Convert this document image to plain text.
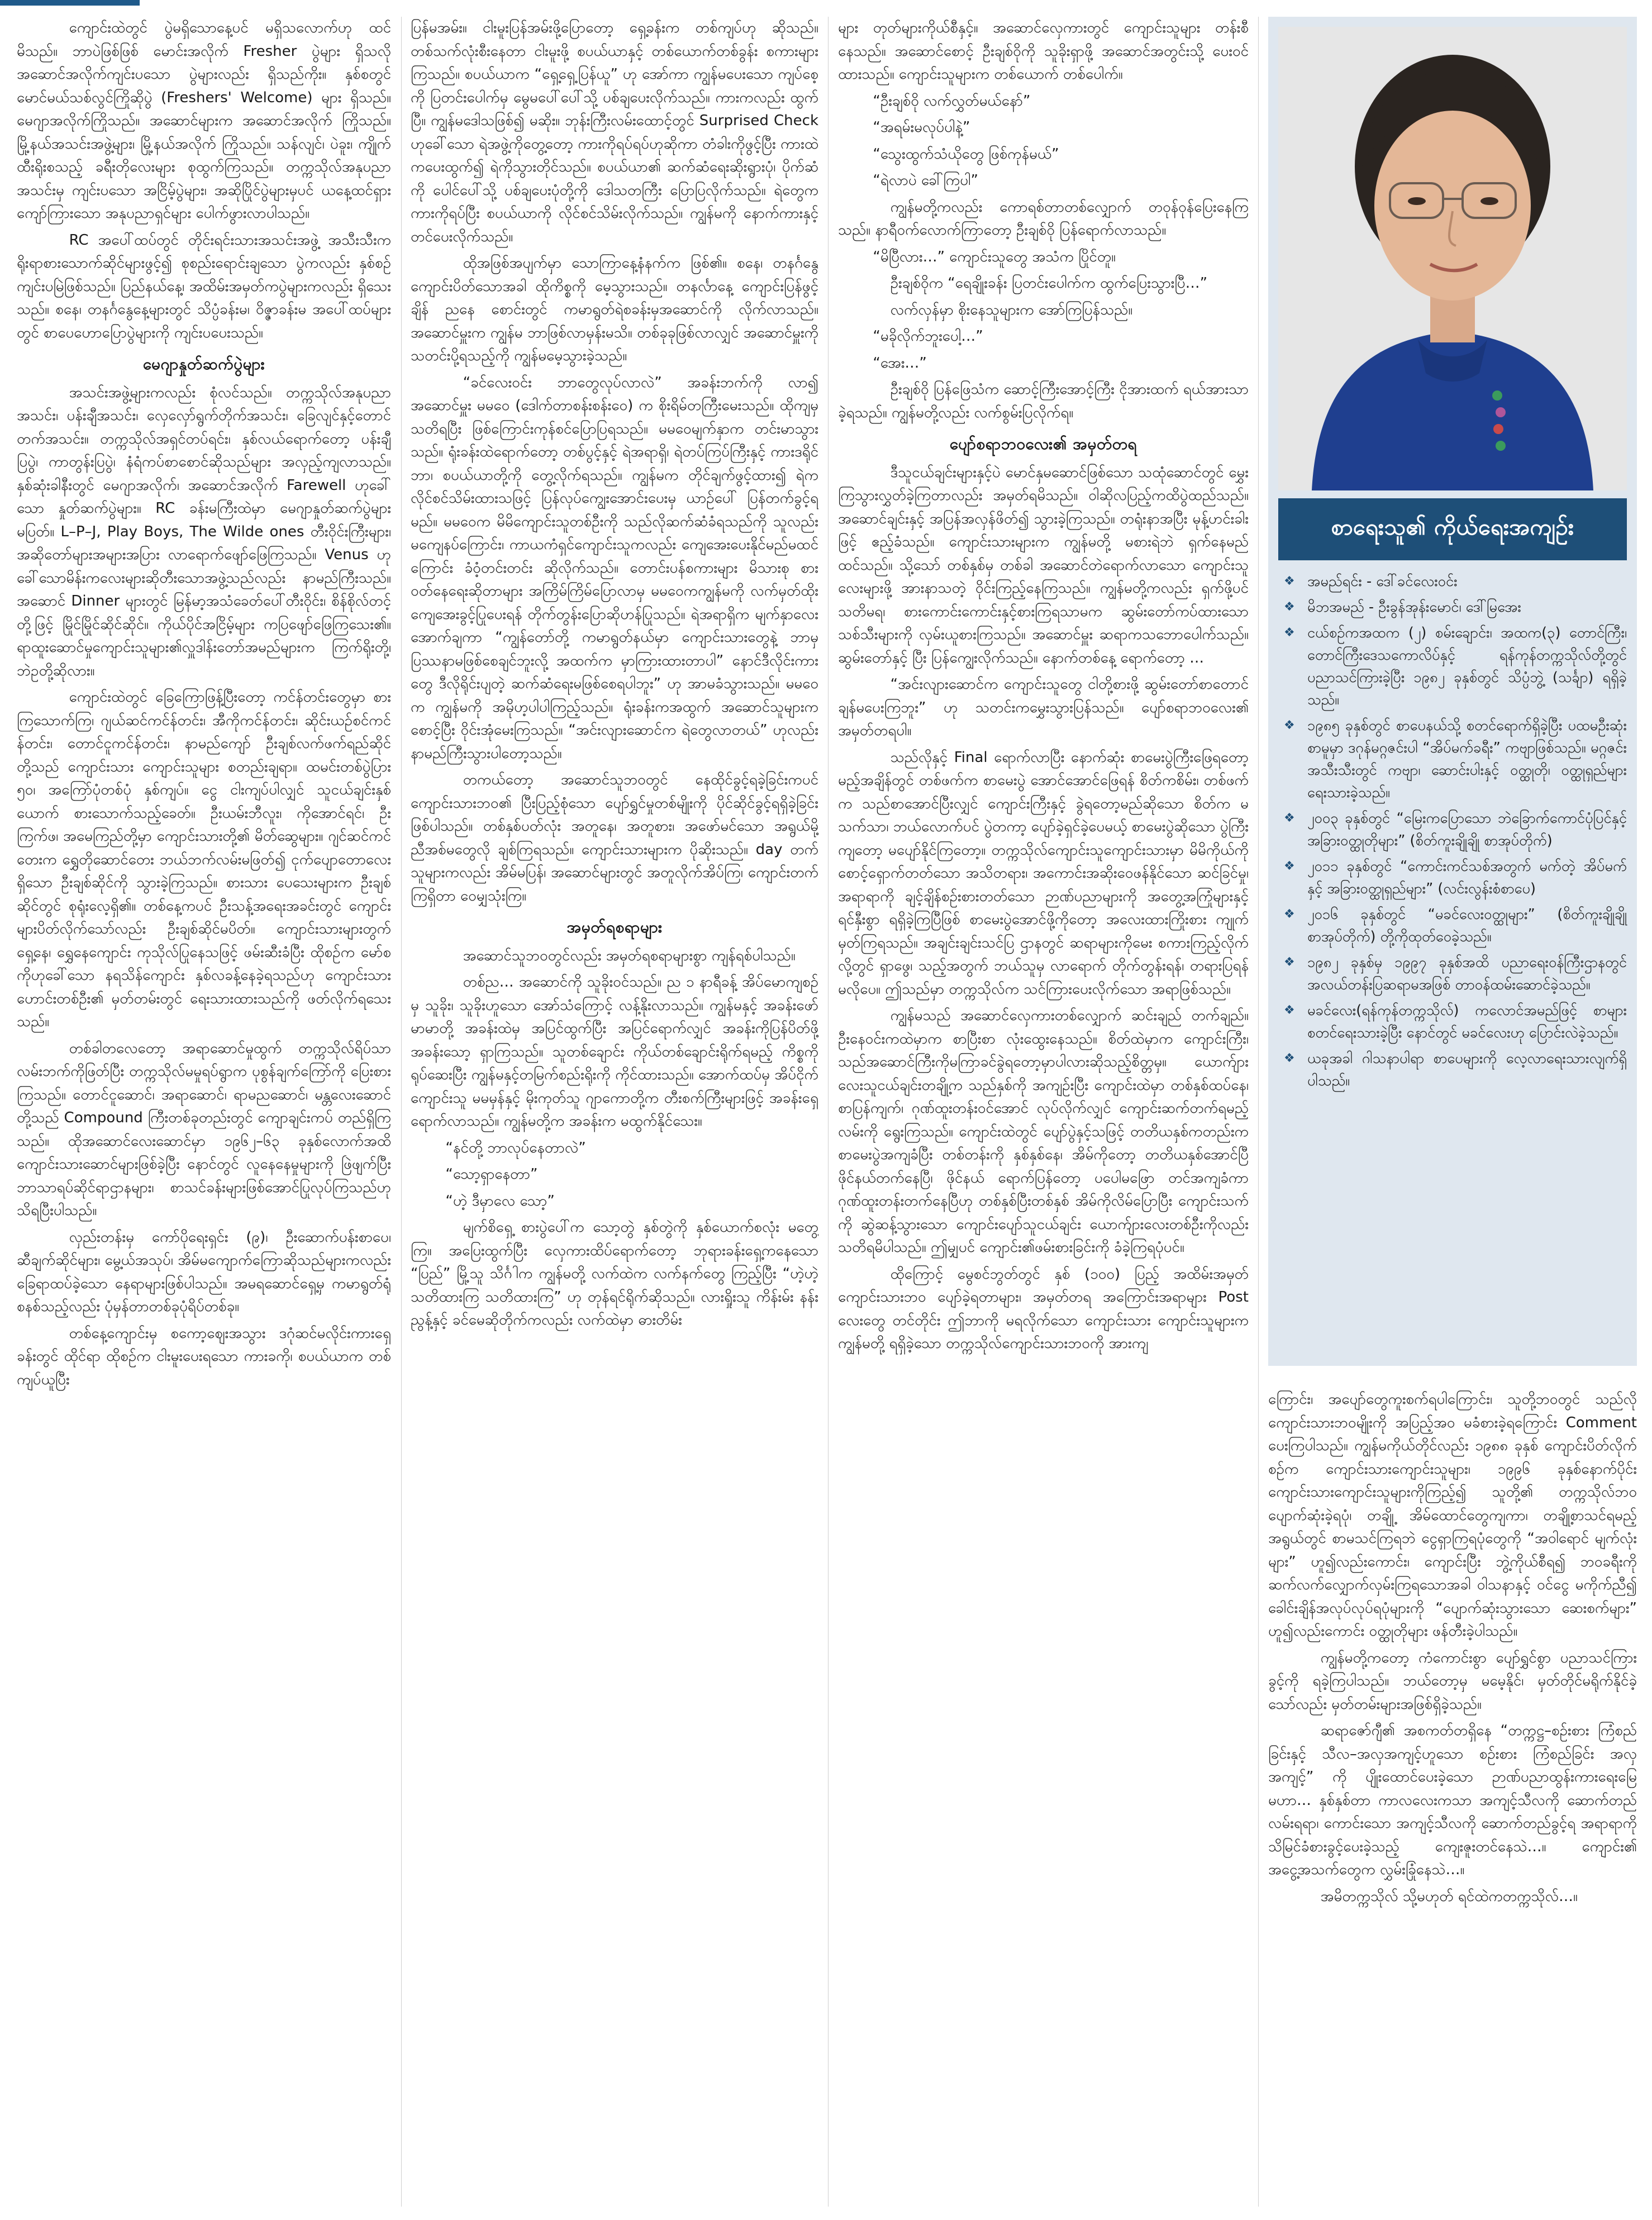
ကျောင်းထဲတွင် ပွဲမရှိသောနေ့ပင် မရှိသလောက်ဟု ထင်မိသည်။ ဘာပဲဖြစ်ဖြစ် မောင်းအလိုက် Fresher ပွဲများ ရှိသလို အဆောင်အလိုက်ကျင်းပသော ပွဲများလည်း ရှိသည်ကိုး။ နှစ်စတွင် မောင်မယ်သစ်လွင်ကြိုဆိုပွဲ (Freshers' Welcome) များ ရှိသည်။ မေဂျာအလိုက်ကြိုသည်။ အဆောင်များက အဆောင်အလိုက် ကြိုသည်။ မြို့နယ်အသင်းအဖွဲ့များ၊ မြို့နယ်အလိုက် ကြိုသည်။ သန်လျင်၊ ပဲခူး၊ ကျိုက်ထီးရိုးစသည့် ခရီးတိုလေးများ စုထွက်ကြသည်။ တက္ကသိုလ်အနုပညာအသင်းမှ ကျင်းပသော အငြိမ့်ပွဲများ၊ အဆိုပြိုင်ပွဲများမှပင် ယနေ့ထင်ရှားကျော်ကြားသော အနုပညာရှင်များ ပေါက်ဖွားလာပါသည်။

RC အပေါ်ထပ်တွင် တိုင်းရင်းသားအသင်းအဖွဲ့ အသီးသီးက ရိုးရာစားသောက်ဆိုင်များဖွင့်၍ စုစည်းရောင်းချသော ပွဲကလည်း နှစ်စဉ်ကျင်းပမြဲဖြစ်သည်။ ပြည်နယ်နေ့၊ အထိမ်းအမှတ်ကပွဲများကလည်း ရှိသေးသည်။ စနေ၊ တနင်္ဂနွေနေ့များတွင် သိပ္ပံခန်းမ၊ ဝိဇ္ဇာခန်းမ အပေါ်ထပ်များတွင် စာပေဟောပြောပွဲများကို ကျင်းပပေးသည်။

မေဂျာနှုတ်ဆက်ပွဲများ

အသင်းအဖွဲ့များကလည်း စုံလင်သည်။ တက္ကသိုလ်အနုပညာအသင်း၊ ပန်းချီအသင်း၊ လှေလှော်ရွက်တိုက်အသင်း၊ ခြေလျင်နှင့်တောင်တက်အသင်း။ တက္ကသိုလ်အရှင်တပ်ရင်း၊ နှစ်လယ်ရောက်တော့ ပန်းချီပြပွဲ၊ ကာတွန်းပြပွဲ၊ နံရံကပ်စာစောင်ဆိုသည်များ အလှည့်ကျလာသည်။ နှစ်ဆုံးခါနီးတွင် မေဂျာအလိုက်၊ အဆောင်အလိုက် Farewell ဟုခေါ်သော နှုတ်ဆက်ပွဲများ။ RC ခန်းမကြီးထဲမှာ မေဂျာနှုတ်ဆက်ပွဲများ မပြတ်။ L–P–J, Play Boys, The Wilde ones တီးဝိုင်းကြီးများ၊ အဆိုတော်များအများအပြား လာရောက်ဖျော်ဖြေကြသည်။ Venus ဟုခေါ်သောမိန်းကလေးများဆိုတီးသောအဖွဲ့သည်လည်း နာမည်ကြီးသည်။ အဆောင် Dinner များတွင် မြန်မာ့အသံခေတ်ပေါ်တီးဝိုင်း၊ စိန်စိုလ်တင့်တို့ဖြင့် မြိုင်မြိုင်ဆိုင်ဆိုင်။ ကိုယ်ပိုင်အငြိမ့်များ ကပြဖျော်ဖြေကြသေး၏။ ရာထူးဆောင်မှုကျောင်းသူများ၏လှူဒါန်းတော်အမည်များက ကြက်ရိုးတို့၊ ဘဲဥတို့ဆိုလား။

ကျောင်းထဲတွင် ခြေကြောဖြန့်ပြီးတော့ ကင်န်တင်းတွေမှာ စားကြသောက်ကြ၊ ဂျယ်ဆင်ကင်န်တင်း၊ အီကိုကင်န်တင်း၊ ဆိုင်းယဉ်စင်ကင်န်တင်း၊ တောင်ငူကင်န်တင်း၊ နာမည်ကျော် ဦးချစ်လက်ဖက်ရည်ဆိုင်တို့သည် ကျောင်းသား ကျောင်းသူများ စတည်းချရာ။ ထမင်းတစ်ပွဲပြား ၅၀၊ အကြော်ပုံတစ်ပုံ နှစ်ကျပ်။ ငွေ ငါးကျပ်ပါလျှင် သူငယ်ချင်းနှစ်ယောက် စားသောက်သည့်ခေတ်။ ဦးယမ်းဘီလူး၊ ကိုအောင်ရင်၊ ဦးကြက်ဖ၊ အမေကြည်တို့မှာ ကျောင်းသားတို့၏ မိတ်ဆွေများ။ ဂျင်ဆင်ကင်တေးက ရွှေတိုဆောင်တေး ဘယ်ဘက်လမ်းမဖြတ်၍ ငုက်ပျောတောလေးရှိသော ဦးချစ်ဆိုင်ကို သွားခဲ့ကြသည်။ စားသား ပေသေးများက ဦးချစ်ဆိုင်တွင် စုရုံးလေ့ရှိ၏။ တစ်နေ့ကပင် ဦးသန့်အရေးအခင်းတွင် ကျောင်းများပိတ်လိုက်သော်လည်း ဦးချစ်ဆိုင်မပိတ်။ ကျောင်းသားများတွက်ရှေ့နေ၊ ရွှေနေကျောင်း ကုသိုလ်ပြုနေသဖြင့် ဖမ်းဆီးခံပြီး ထိုစဉ်က မော်စကိုဟုခေါ်သော နရသိန်ကျောင်း နှစ်လခန့်နေခဲ့ရသည်ဟု ကျောင်းသားဟောင်းတစ်ဦး၏ မှတ်တမ်းတွင် ရေးသားထားသည်ကို ဖတ်လိုက်ရသေးသည်။

တစ်ခါတလေတော့ အရာဆောင်မှုထွက် တက္ကသိုလ်ရိပ်သာလမ်းဘက်ကိုဖြတ်ပြီး တက္ကသိုလ်မမှုရပ်ရွာက ပုစွန်ချက်ကြော်ကို ပြေးစားကြသည်။ တောင်ငူဆောင်၊ အရာဆောင်၊ ရာမညဆောင်၊ မန္တလေးဆောင်တို့သည် Compound ကြီးတစ်ခုတည်းတွင် ကျောချင်းကပ် တည်ရှိကြသည်။ ထိုအဆောင်လေးဆောင်မှာ ၁၉၆၂–၆၃ ခုနှစ်လောက်အထိ ကျောင်းသားဆောင်များဖြစ်ခဲ့ပြီး နောင်တွင် လူနေနေမှုများကို ဖြဲဖျက်ပြီး ဘာသာရပ်ဆိုင်ရာဌာနများ၊ စာသင်ခန်းများဖြစ်အောင်ပြုလုပ်ကြသည်ဟု သိရပြီးပါသည်။

လှည်းတန်းမှ ကော်ပိုရေးရှင်း (၉)၊ ဦးဆောက်ပန်းစာပေ၊ ဆီချက်ဆိုင်များ၊ မွေ့ယ်အသုပ်၊ အိမ်မကျောက်ကြောဆိုသည်များကလည်း ခြေရာထပ်ခဲ့သော နေရာများဖြစ်ပါသည်။ အမရဆောင်ရှေ့မှ ကမာရွတ်ရုံစနစ်သည့်လည်း ပုံမှန်တာတစ်ခုပုံရိပ်တစ်ခု။

တစ်နေ့ကျောင်းမှ စကော့ဈေးအသွား ဒဂုံဆင်မလိုင်းကားရှေ့ခန်းတွင် ထိုင်ရာ ထိုစဉ်က ငါးမူးပေးရသော ကားခကို၊ စပယ်ယာက တစ်ကျပ်ယူပြီး

ပြန်မအမ်း။ ငါးမူးပြန်အမ်းဖို့ပြောတော့ ရှေ့ခန်းက တစ်ကျပ်ဟု ဆိုသည်။ တစ်သက်လုံးစီးနေတာ ငါးမူးဖို့ စပယ်ယာနှင့် တစ်ယောက်တစ်ခွန်း စကားများကြသည်။ စပယ်ယာက “ရှေ့ရှေ့ပြန်ယူ” ဟု အော်ကာ ကျွန်မပေးသော ကျပ်စေ့ကို ပြတင်းပေါက်မှ မွေမပေါ်ပေါ်သို့ ပစ်ချပေးလိုက်သည်။ ကားကလည်း ထွက်ပြီ။ ကျွန်မဒေါသဖြစ်၍ မဆိုး။ ဘုန်းကြီးလမ်းထောင့်တွင် Surprised Check ဟုခေါ်သော ရဲအဖွဲ့ကိုတွေ့တော့ ကားကိုရပ်ရပ်ဟုဆိုကာ တံခါးကိုဖွင့်ပြီး ကားထဲကပေးထွက်၍ ရဲကိုသွားတိုင်သည်။ စပယ်ယာ၏ ဆက်ဆံရေးဆိုးရွားပုံ၊ ပိုက်ဆံကို ပေါင်ပေါ်သို့ ပစ်ချပေးပုံတို့ကို ဒေါသတကြီး ပြောပြလိုက်သည်။ ရဲတွေက ကားကိုရပ်ပြီး စပယ်ယာကို လိုင်စင်သိမ်းလိုက်သည်။ ကျွန်မကို နောက်ကားနှင့် တင်ပေးလိုက်သည်။

ထိုအဖြစ်အပျက်မှာ သောကြာနေ့နံနက်က ဖြစ်၏။ စနေ၊ တနင်္ဂနွေ ကျောင်းပိတ်သောအခါ ထိုကိစ္စကို မေ့သွားသည်။ တနင်္လာနေ့ ကျောင်းပြန်ဖွင့်ချိန် ညနေ စောင်းတွင် ကမာရွတ်ရဲစခန်းမှအဆောင်ကို လိုက်လာသည်။ အဆောင်မှူးက ကျွန်မ ဘာဖြစ်လာမှန်းမသိ။ တစ်ခုခုဖြစ်လာလျှင် အဆောင်မှူးကို သတင်းပို့ရသည့်ကို ကျွန်မမေ့သွားခဲ့သည်။

“ခင်လေးဝင်း ဘာတွေလုပ်လာလဲ” အခန်းဘက်ကို လာ၍ အဆောင်မှူး မမဝေ (ဒေါက်တာစန်းစန်းဝေ) က စိုးရိမ်တကြီးမေးသည်။ ထိုကျမှ သတိရပြီး ဖြစ်ကြောင်းကုန်စင်ပြောပြရသည်။ မမဝေမျက်နှာက တင်းမာသွားသည်။ ရုံးခန်းထဲရောက်တော့ တစ်ပွင့်နှင့် ရဲအရာရှိ၊ ရဲတပ်ကြပ်ကြီးနှင့် ကားဒရိုင်ဘာ၊ စပယ်ယာတို့ကို တွေ့လိုက်ရသည်။ ကျွန်မက တိုင်ချက်ဖွင့်ထား၍ ရဲက လိုင်စင်သိမ်းထားသဖြင့် ပြန်လုပ်ကျွေးအောင်းပေးမှ ယာဉ်ပေါ် ပြန်တက်ခွင့်ရမည်။ မမဝေက မိမိကျောင်းသူတစ်ဦးကို သည်လိုဆက်ဆံခံရသည်ကို သူလည်း မကျေနပ်ကြောင်း၊ ကာယကံရှင်ကျောင်းသူကလည်း ကျေအေးပေးနိုင်မည်မထင်ကြောင်း ခံဝံ့တင်းတင်း ဆိုလိုက်သည်။ တောင်းပန်စကားများ မိသားစု စားဝတ်နေရေးဆိုတာများ အကြိမ်ကြိမ်ပြောလာမှ မမဝေကကျွန်မကို လက်မှတ်ထိုး ကျေအေးခွင့်ပြုပေးရန် တိုက်တွန်းပြောဆိုဟန်ပြုသည်။ ရဲအရာရှိက မျက်နှာလေးအောက်ချကာ “ကျွန်တော်တို့ ကမာရွတ်နယ်မှာ ကျောင်းသားတွေနဲ့ ဘာမှပြဿနာမဖြစ်စေချင်ဘူးလို့ အထက်က မှာကြားထားတာပါ” နောင်ဒီလိုင်းကားတွေ ဒီလိုရိုင်းပျတဲ့ ဆက်ဆံရေးမဖြစ်စေရပါဘူး” ဟု အာမခံသွားသည်။ မမဝေက ကျွန်မကို အမိုဟ့ပါပါကြည့်သည်။ ရုံးခန်းကအထွက် အဆောင်သူများက စောင့်ပြီး ဝိုင်းအုံမေးကြသည်။ “အင်းလျားဆောင်က ရဲတွေလာတယ်” ဟုလည်း နာမည်ကြီးသွားပါတော့သည်။

တကယ်တော့ အဆောင်သူဘဝတွင် နေထိုင်ခွင့်ရခဲ့ခြင်းကပင် ကျောင်းသားဘဝ၏ ပြီးပြည့်စုံသော ပျော်ရွှင်မှုတစ်မျိုးကို ပိုင်ဆိုင်ခွင့်ရရှိခဲ့ခြင်း ဖြစ်ပါသည်။ တစ်နှစ်ပတ်လုံး အတူနေ၊ အတူစား၊ အဖော်မင်သော အရွယ်မို့ ညီအစ်မတွေလို ချစ်ကြရသည်။ ကျောင်းသားများက ပိုဆိုးသည်။ day တက်သူများကလည်း အိမ်မပြန်၊ အဆောင်များတွင် အတူလိုက်အိပ်ကြ၊ ကျောင်းတက်ကြရှိတာ ဝေမျှသုံးကြ။

အမှတ်ရစရာများ

အဆောင်သူဘဝတွင်လည်း အမှတ်ရစရာများစွာ ကျန်ရစ်ပါသည်။

တစ်ည… အဆောင်ကို သူခိုးဝင်သည်။ ည ၁ နာရီခန့် အိပ်မောကျစဉ်မှ သူခိုး၊ သူခိုးဟူသော အော်သံကြောင့် လန့်နိုးလာသည်။ ကျွန်မနှင့် အခန်းဖော် မာမာတို့ အခန်းထဲမှ အပြင်ထွက်ပြီး အပြင်ရောက်လျှင် အခန်းကိုပြန်ပိတ်ဖို့ အခန်းသော့ ရှာကြသည်။ သူတစ်ချောင်း ကိုယ်တစ်ချောင်းရိုက်ရမည့် ကိစ္စကို ရုပ်ဆေးပြီး ကျွန်မနှင့်တမြက်စည်းရိုးကို ကိုင်ထားသည်။ အောက်ထပ်မှ အိပ်ငိုက်ကျောင်းသူ မမမှန်နှင့် မိုးကုတ်သူ ဂျာကောတို့က တီးစက်ကြီးများဖြင့် အခန်းရှေ့ရောက်လာသည်။ ကျွန်မတို့က အခန်းက မထွက်နိုင်သေး။

“နင်တို့ ဘာလုပ်နေတာလဲ”

“သော့ရှာနေတာ”

“ဟဲ့ ဒီမှာလေ သော့”

မျက်စိရှေ့ စားပွဲပေါ်က သော့တွဲ နှစ်တွဲကို နှစ်ယောက်စလုံး မတွေ့ကြ။ အပြေးထွက်ပြီး လှေကားထိပ်ရောက်တော့ ဘုရားခန်းရှေ့ကနေသော “ပြည်” မြို့သူ သိင်္ဂါက ကျွန်မတို့ လက်ထဲက လက်နက်တွေ ကြည့်ပြီး “ဟဲ့ဟဲ့ သတိထားကြ သတိထားကြ” ဟု တုန်ရင်ရိုက်ဆိုသည်။ လားရှိုးသူ ကိန်းမ်း နန်းညွန့်နှင့် ခင်မေဆိုတိုက်ကလည်း လက်ထဲမှာ ဓားတိမ်း

များ တုတ်များကိုယ်စီနှင့်။ အဆောင်လှေကားတွင် ကျောင်းသူများ တန်းစီနေသည်။ အဆောင်စောင့် ဦးချစ်ဝိုကို သူခိုးရှာဖို့ အဆောင်အတွင်းသို့ ပေးဝင်ထားသည်။ ကျောင်းသူများက တစ်ယောက် တစ်ပေါက်။

“ဦးချစ်ဝို လက်လွှတ်မယ်နော်”

“အရမ်းမလုပ်ပါနဲ့”

“သွေးထွက်သံယိုတွေ ဖြစ်ကုန်မယ်”

“ရဲလာပဲ ခေါ်ကြပါ”

ကျွန်မတို့ကလည်း ကောရစ်တာတစ်လျှောက် တဝုန်ဝုန်ပြေးနေကြသည်။ နာရီဝက်လောက်ကြာတော့ ဦးချစ်ဝို ပြန်ရောက်လာသည်။

“မိပြီလား…” ကျောင်းသူတွေ အသံက ပြိုင်တူ။

ဦးချစ်ဝိုက “ရေချိုးခန်း ပြတင်းပေါက်က ထွက်ပြေးသွားပြီ…”

လက်လှန်မှာ စိုးနေသူများက အော်ကြပြန်သည်။

“မခိုလိုက်ဘူးပေါ့…”

“အေး…”

ဦးချစ်ဝို ပြန်ဖြေသံက ဆောင့်ကြီးအောင့်ကြီး ငိုအားထက် ရယ်အားသာခဲ့ရသည်။ ကျွန်မတို့လည်း လက်စွမ်းပြလိုက်ရ။

ပျော်စရာဘဝလေး၏ အမှတ်တရ

ဒီသူငယ်ချင်းများနှင့်ပဲ မောင်နှမဆောင်ဖြစ်သော သထုံဆောင်တွင် မွှေးကြသွားလွှတ်ခဲ့ကြတာလည်း အမှတ်ရမိသည်။ ဝါဆိုလပြည့်ကထိပွဲထည်သည်။ အဆောင်ချင်းနှင့် အပြန်အလှန်ဖိတ်၍ သွားခဲ့ကြသည်။ တရုံးနာအပြီး မုန့်ဟင်းခါးဖြင့် ဧည့်ခံသည်။ ကျောင်းသားများက ကျွန်မတို့ မစားရဲဘဲ ရှက်နေမည် ထင်သည်။ သို့သော် တစ်နှစ်မှ တစ်ခါ အဆောင်တဲရောက်လာသော ကျောင်းသူလေးများဖို့ အားနာသတဲ့ ဝိုင်းကြည့်နေကြသည်။ ကျွန်မတို့ကလည်း ရှက်ဖို့ပင် သတိမရ၊ စားကောင်းကောင်းနှင့်စားကြရသာမက ဆွမ်းတော်ကပ်ထားသော သစ်သီးများကို လှမ်းယူစားကြသည်။ အဆောင်မှူး ဆရာကသဘောပေါက်သည်။ ဆွမ်းတော်နှင့် ပြီး ပြန်ကျွေးလိုက်သည်။ နောက်တစ်နေ့ ရောက်တော့ …

“အင်းလျားဆောင်က ကျောင်းသူတွေ ငါတို့စားဖို့ ဆွမ်းတော်စာတောင် ချန်မပေးကြဘူး” ဟု သတင်းကမွှေးသွားပြန်သည်။ ပျော်စရာဘဝလေး၏ အမှတ်တရပါ။

သည်လိုနှင့် Final ရောက်လာပြီး နောက်ဆုံး စာမေးပွဲကြီးဖြေရတော့မည့်အချိန်တွင် တစ်ဖက်က စာမေးပွဲ အောင်အောင်ဖြေရန် စိတ်ကစိမ်း၊ တစ်ဖက်က သည်စာအောင်ပြီးလျှင် ကျောင်းကြီးနှင့် ခွဲရတော့မည်ဆိုသော စိတ်က မသက်သာ၊ ဘယ်လောက်ပင် ပွဲတကာ့ ပျော်ခဲ့ရှင်ခဲ့ပေမယ့် စာမေးပွဲဆိုသော ပွဲကြီးကျတော့ မပျော်နိုင်ကြတော့။ တက္ကသိုလ်ကျောင်းသူကျောင်းသားမှာ မိမိကိုယ်ကိုစောင့်ရှောက်တတ်သော အသိတရား၊ အကောင်းအဆိုးဝေဖန်နိုင်သော ဆင်ခြင်မှု၊ အရာရာကို ချင့်ချိန်စဉ်းစားတတ်သော ဉာဏ်ပညာများကို အတွေ့အကြုံများနှင့် ရင်နှီးစွာ ရရှိခဲ့ကြပြီဖြစ် စာမေးပွဲအောင်ဖို့ကိုတော့ အလေးထားကြိုးစား ကျုက်မှတ်ကြရသည်။ အချင်းချင်းသင်ပြ ဌာနတွင် ဆရာများကိုမေး စကားကြည့်လိုက်လို့တွင် ရှာဖွေ၊ သည့်အတွက် ဘယ်သူမှ လာရောက် တိုက်တွန်းရန်၊ တရားပြရန် မလိုပေ။ ဤသည်မှာ တက္ကသိုလ်က သင်ကြားပေးလိုက်သော အရာဖြစ်သည်။

ကျွန်မသည် အဆောင်လှေကားတစ်လျှောက် ဆင်းချည် တက်ချည်။ ဦးနေဝင်းကထဲမှာက စာပြီးစာ လုံးထွေးနေသည်။ စိတ်ထဲမှာက ကျောင်းကြီး၊ သည်အဆောင်ကြီးကိုမကြာခင်ခွဲရတော့မှာပါလားဆိုသည့်စိတ္တမှ။ ယောက်ျားလေးသူငယ်ချင်းတချို့က သည်နှစ်ကို အကျဉ်းပြီး ကျောင်းထဲမှာ တစ်နှစ်ထပ်နေ၊ စာပြန်ကျက်၊ ဂုဏ်ထူးတန်းဝင်အောင် လုပ်လိုက်လျှင် ကျောင်းဆက်တက်ရမည့်လမ်းကို ရွေးကြသည်။ ကျောင်းထဲတွင် ပျော်ပွဲနှင့်သဖြင့် တတိယနှစ်ကတည်းက စာမေးပွဲအကျခံပြီး တစ်တန်းကို နှစ်နှစ်နေ၊ အိမ်ကိုတော့ တတိယနှစ်အောင်ပြီ ဖိုင်နယ်တက်နေပြီ၊ ဖိုင်နယ် ရောက်ပြန်တော့ ပပေါမဖြော တင်အကျခံကာ ဂုဏ်ထူးတန်းတက်နေပြီဟု တစ်နှစ်ပြီးတစ်နှစ် အိမ်ကိုလိမ်ပြောပြီး ကျောင်းသက်ကို ဆွဲဆန့်သွားသော ကျောင်းပျော်သူငယ်ချင်း ယောက်ျားလေးတစ်ဦးကိုလည်း သတိရမိပါသည်။ ဤမျှပင် ကျောင်း၏ဖမ်းစားခြင်းကို ခံခဲ့ကြရပုံပင်။

ထိုကြောင့် မွေစင်ဘွတ်တွင် နှစ် (၁၀၀) ပြည့် အထိမ်းအမှတ် ကျောင်းသားဘဝ ပျော်ခဲ့ရတာများ၊ အမှတ်တရ အကြောင်းအရာများ Post လေးတွေ တင်တိုင်း ဤဘာကို မရလိုက်သော ကျောင်းသား ကျောင်းသူများက ကျွန်မတို့ ရရှိခဲ့သော တက္ကသိုလ်ကျောင်းသားဘဝကို အားကျ

စာရေးသူ၏ ကိုယ်ရေးအကျဉ်း
❖ အမည်ရင်း - ဒေါ်ခင်လေးဝင်း
❖ မိဘအမည် - ဦးခွန်အုန်းမောင်၊ ဒေါ်မြအေး
❖ ငယ်စဉ်ကအထက (၂) စမ်းချောင်း၊ အထက(၃) တောင်ကြီး၊ တောင်ကြီးဒေသကောလိပ်နှင့် ရန်ကုန်တက္ကသိုလ်တို့တွင် ပညာသင်ကြားခဲ့ပြီး ၁၉၈၂ ခုနှစ်တွင် သိပ္ပံဘွဲ့ (သင်္ချာ) ရရှိခဲ့သည်။
❖ ၁၉၈၅ ခုနှစ်တွင် စာပေနယ်သို့ စတင်ရောက်ရှိခဲ့ပြီး ပထမဦးဆုံးစာမူမှာ ဒဂုန်မဂ္ဂဇင်းပါ “အိပ်မက်ခရီး” ကဗျာဖြစ်သည်။ မဂ္ဂဇင်းအသီးသီးတွင် ကဗျာ၊ ဆောင်းပါးနှင့် ဝတ္ထုတို၊ ဝတ္ထုရှည်များ ရေးသားခဲ့သည်။
❖ ၂၀၀၃ ခုနှစ်တွင် “မြေးကပြောသော ဘဲခြောက်ကောင်ပုံပြင်နှင့် အခြားဝတ္ထုတိုများ” (စိတ်ကူးချိုချို စာအုပ်တိုက်)
❖ ၂၀၁၁ ခုနှစ်တွင် “ကောင်းကင်သစ်အတွက် မက်တဲ့ အိပ်မက်နှင့် အခြားဝတ္ထုရှည်များ” (လင်းလွန်းစံစာပေ)
❖ ၂၀၁၆ ခုနှစ်တွင် “မခင်လေးဝတ္ထုများ” (စိတ်ကူးချိုချိုစာအုပ်တိုက်) တို့ကိုထုတ်ဝေခဲ့သည်။
❖ ၁၉၈၂ ခုနှစ်မှ ၁၉၉၇ ခုနှစ်အထိ ပညာရေးဝန်ကြီးဌာနတွင် အလယ်တန်းပြဆရာမအဖြစ် တာဝန်ထမ်းဆောင်ခဲ့သည်။
❖ မခင်လေး(ရန်ကုန်တက္ကသိုလ်) ကလောင်အမည်ဖြင့် စာများစတင်ရေးသားခဲ့ပြီး နောင်တွင် မခင်လေးဟု ပြောင်းလဲခဲ့သည်။
❖ ယခုအခါ ဂါသနာပါရာ စာပေများကို လေ့လာရေးသားလျက်ရှိပါသည်။

ကြောင်း၊ အပျော်တွေကူးစက်ရပါကြောင်း၊ သူတို့ဘဝတွင် သည်လို ကျောင်းသားဘဝမျိုးကို အပြည့်အဝ မခံစားခဲ့ရကြောင်း Comment ပေးကြပါသည်။ ကျွန်မကိုယ်တိုင်လည်း ၁၉၈၈ ခုနှစ် ကျောင်းပိတ်လိုက်စဉ်က ကျောင်းသားကျောင်းသူများ၊ ၁၉၉၆ ခုနှစ်နောက်ပိုင်း ကျောင်းသားကျောင်းသူများကိုကြည့်၍ သူတို့၏ တက္ကသိုလ်ဘဝ ပျောက်ဆုံးခဲ့ရပုံ၊ တချို့ အိမ်ထောင်တွေကျကာ၊ တချို့စာသင်ရမည့်အရွယ်တွင် စာမသင်ကြရဘဲ ငွေရှာကြရပုံတွေကို “အဝါရောင် မျက်လုံးများ” ဟူ၍လည်းကောင်း၊ ကျောင်းပြီး ဘွဲ့ကိုယ်စီရ၍ ဘဝခရီးကို ဆက်လက်လျှောက်လှမ်းကြရသောအခါ ဝါသနာနှင့် ဝင်ငွေ မကိုက်ညီ၍ ခေါင်းချိန်အလုပ်လုပ်ရပုံများကို “ပျောက်ဆုံးသွားသော ဆေးစက်များ” ဟူ၍လည်းကောင်း ဝတ္ထုတိုများ ဖန်တီးခဲ့ပါသည်။

ကျွန်မတို့ကတော့ ကံကောင်းစွာ ပျော်ရွှင်စွာ ပညာသင်ကြားခွင့်ကို ရခဲ့ကြပါသည်။ ဘယ်တော့မှ မမေ့နိုင်၊ မှတ်တိုင်မရိုက်နိုင်ခဲ့သော်လည်း မှတ်တမ်းများအဖြစ်ရှိခဲ့သည်။

ဆရာဇော်ဂျီ၏ အစကတ်တရှိနေ “တက္ကဋ္ဌ–စဉ်းစား ကြံစည်ခြင်းနှင့် သီလ–အလှအကျင့်ဟူသော စဉ်းစား ကြံစည်ခြင်း အလှအကျင့်” ကို ပျိုးထောင်ပေးခဲ့သော ဉာဏ်ပညာထွန်းကားရေးမြေမဟာ… နှစ်နှစ်တာ ကာလလေးကသာ အကျင့်သီလကို ဆောက်တည်လမ်းရရာ၊ ကောင်းသော အကျင့်သီလကို ဆောက်တည်ခွင့်ရ အရာရာကို သိမြင်ခံစားခွင့်ပေးခဲ့သည့် ကျေးဇူးတင်နေသဲ…။ ကျောင်း၏ အငွေ့အသက်တွေက လွှမ်းခြုံနေသဲ…။

အမိတက္ကသိုလ် သို့မဟုတ် ရင်ထဲကတက္ကသိုလ်…။
